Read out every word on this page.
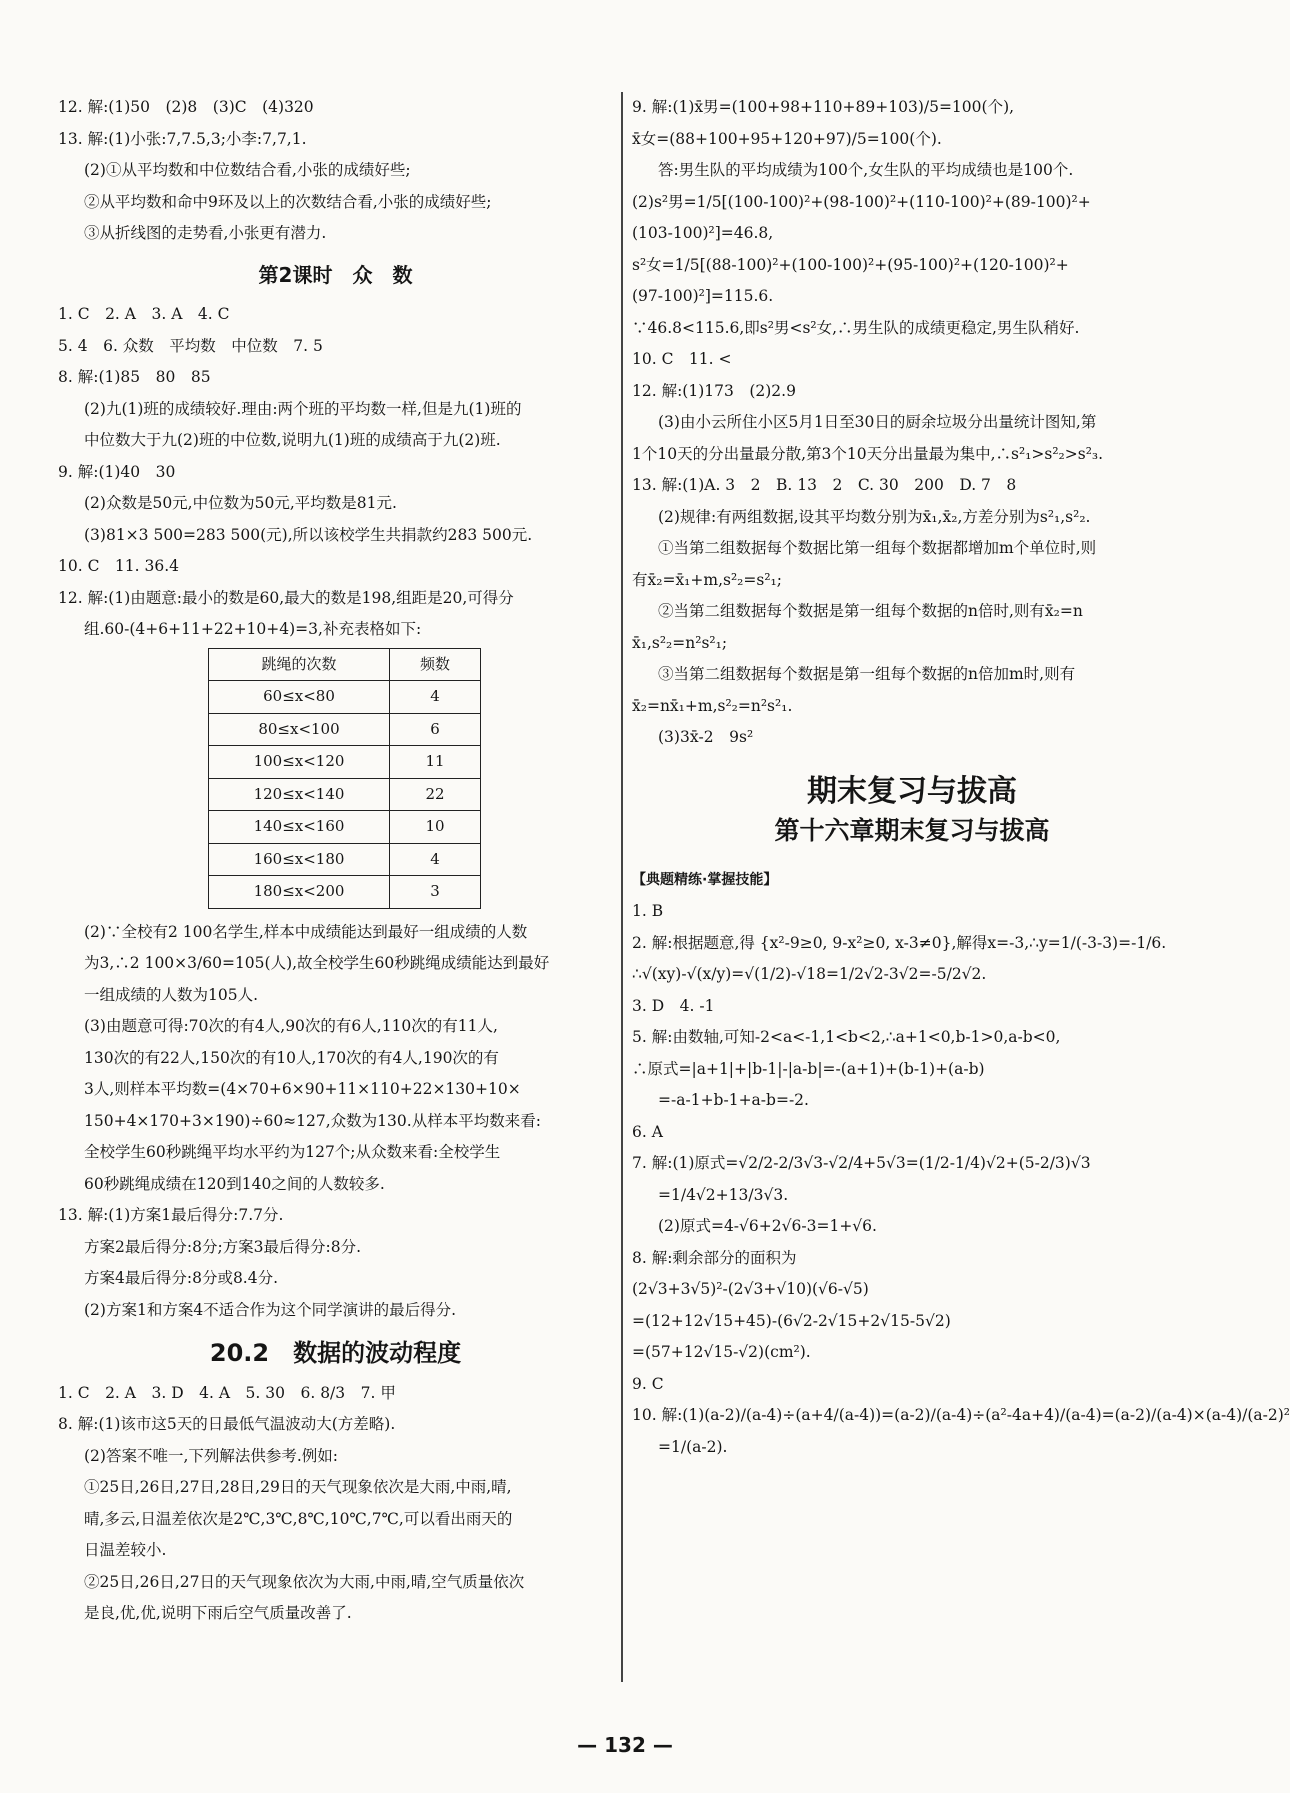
12. 解:(1)50　(2)8　(3)C　(4)320
13. 解:(1)小张:7,7.5,3;小李:7,7,1.
(2)①从平均数和中位数结合看,小张的成绩好些;
②从平均数和命中9环及以上的次数结合看,小张的成绩好些;
③从折线图的走势看,小张更有潜力.
第2课时　众　数
1. C　2. A　3. A　4. C
5. 4　6. 众数　平均数　中位数　7. 5
8. 解:(1)85　80　85
(2)九(1)班的成绩较好.理由:两个班的平均数一样,但是九(1)班的
中位数大于九(2)班的中位数,说明九(1)班的成绩高于九(2)班.
9. 解:(1)40　30
(2)众数是50元,中位数为50元,平均数是81元.
(3)81×3 500=283 500(元),所以该校学生共捐款约283 500元.
10. C　11. 36.4
12. 解:(1)由题意:最小的数是60,最大的数是198,组距是20,可得分
组.60-(4+6+11+22+10+4)=3,补充表格如下:
跳绳的次数	频数
60≤x<80	4
80≤x<100	6
100≤x<120	11
120≤x<140	22
140≤x<160	10
160≤x<180	4
180≤x<200	3
(2)∵全校有2 100名学生,样本中成绩能达到最好一组成绩的人数
为3,∴2 100×3/60=105(人),故全校学生60秒跳绳成绩能达到最好
一组成绩的人数为105人.
(3)由题意可得:70次的有4人,90次的有6人,110次的有11人,
130次的有22人,150次的有10人,170次的有4人,190次的有
3人,则样本平均数=(4×70+6×90+11×110+22×130+10×
150+4×170+3×190)÷60≈127,众数为130.从样本平均数来看:
全校学生60秒跳绳平均水平约为127个;从众数来看:全校学生
60秒跳绳成绩在120到140之间的人数较多.
13. 解:(1)方案1最后得分:7.7分.
方案2最后得分:8分;方案3最后得分:8分.
方案4最后得分:8分或8.4分.
(2)方案1和方案4不适合作为这个同学演讲的最后得分.
20.2　数据的波动程度
1. C　2. A　3. D　4. A　5. 30　6. 8/3　7. 甲
8. 解:(1)该市这5天的日最低气温波动大(方差略).
(2)答案不唯一,下列解法供参考.例如:
①25日,26日,27日,28日,29日的天气现象依次是大雨,中雨,晴,
晴,多云,日温差依次是2℃,3℃,8℃,10℃,7℃,可以看出雨天的
日温差较小.
②25日,26日,27日的天气现象依次为大雨,中雨,晴,空气质量依次
是良,优,优,说明下雨后空气质量改善了.
9. 解:(1)x̄男=(100+98+110+89+103)/5=100(个),
x̄女=(88+100+95+120+97)/5=100(个).
答:男生队的平均成绩为100个,女生队的平均成绩也是100个.
(2)s²男=1/5[(100-100)²+(98-100)²+(110-100)²+(89-100)²+
(103-100)²]=46.8,
s²女=1/5[(88-100)²+(100-100)²+(95-100)²+(120-100)²+
(97-100)²]=115.6.
∵46.8<115.6,即s²男<s²女,∴男生队的成绩更稳定,男生队稍好.
10. C　11. <
12. 解:(1)173　(2)2.9
(3)由小云所住小区5月1日至30日的厨余垃圾分出量统计图知,第
1个10天的分出量最分散,第3个10天分出量最为集中,∴s²₁>s²₂>s²₃.
13. 解:(1)A. 3　2　B. 13　2　C. 30　200　D. 7　8
(2)规律:有两组数据,设其平均数分别为x̄₁,x̄₂,方差分别为s²₁,s²₂.
①当第二组数据每个数据比第一组每个数据都增加m个单位时,则
有x̄₂=x̄₁+m,s²₂=s²₁;
②当第二组数据每个数据是第一组每个数据的n倍时,则有x̄₂=n
x̄₁,s²₂=n²s²₁;
③当第二组数据每个数据是第一组每个数据的n倍加m时,则有
x̄₂=nx̄₁+m,s²₂=n²s²₁.
(3)3x̄-2　9s²
期末复习与拔高
第十六章期末复习与拔高
【典题精练·掌握技能】
1. B
2. 解:根据题意,得 {x²-9≥0, 9-x²≥0, x-3≠0},解得x=-3,∴y=1/(-3-3)=-1/6.
∴√(xy)-√(x/y)=√(1/2)-√18=1/2√2-3√2=-5/2√2.
3. D　4. -1
5. 解:由数轴,可知-2<a<-1,1<b<2,∴a+1<0,b-1>0,a-b<0,
∴原式=|a+1|+|b-1|-|a-b|=-(a+1)+(b-1)+(a-b)
=-a-1+b-1+a-b=-2.
6. A
7. 解:(1)原式=√2/2-2/3√3-√2/4+5√3=(1/2-1/4)√2+(5-2/3)√3
=1/4√2+13/3√3.
(2)原式=4-√6+2√6-3=1+√6.
8. 解:剩余部分的面积为
(2√3+3√5)²-(2√3+√10)(√6-√5)
=(12+12√15+45)-(6√2-2√15+2√15-5√2)
=(57+12√15-√2)(cm²).
9. C
10. 解:(1)(a-2)/(a-4)÷(a+4/(a-4))=(a-2)/(a-4)÷(a²-4a+4)/(a-4)=(a-2)/(a-4)×(a-4)/(a-2)²
=1/(a-2).
— 132 —
